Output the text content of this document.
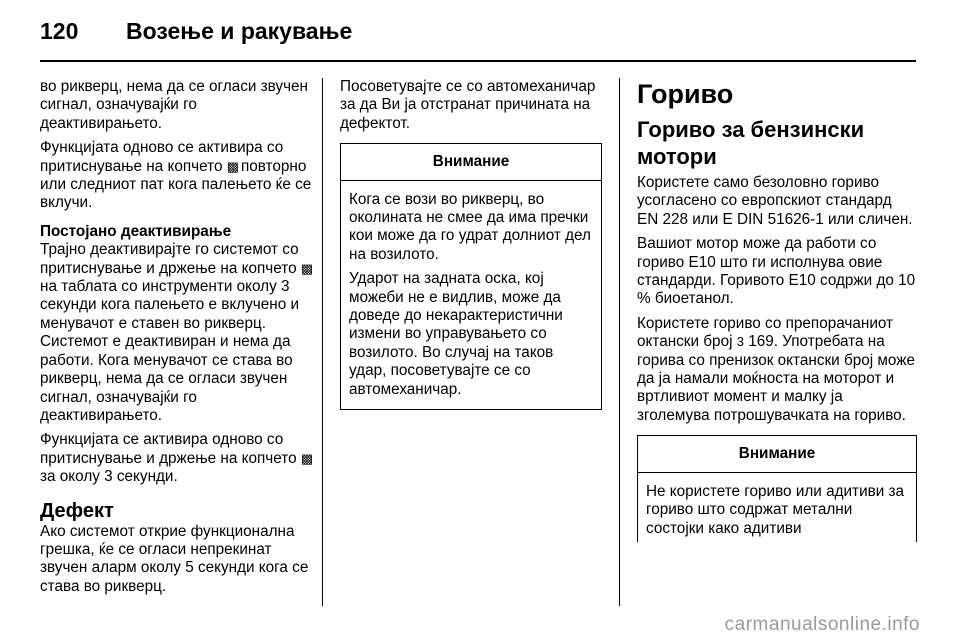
120	Возење и ракување

во рикверц, нема да се огласи звучен сигнал, означувајќи го деактивирањето.

Функцијата одново се активира со притиснување на копчето ▩ повторно или следниот пат кога палењето ќе се вклучи.

Постојано деактивирање

Трајно деактивирајте го системот со притиснување и држење на копчето ▩ на таблата со инструменти околу 3 секунди кога палењето е вклучено и менувачот е ставен во рикверц. Системот е деактивиран и нема да работи. Кога менувачот се става во рикверц, нема да се огласи звучен сигнал, означувајќи го деактивирањето.

Функцијата се активира одново со притиснување и држење на копчето ▩ за околу 3 секунди.

Дефект

Ако системот открие функционална грешка, ќе се огласи непрекинат звучен аларм околу 5 секунди кога се става во рикверц.

Посоветувајте се со автомеханичар за да Ви ја отстранат причината на дефектот.

Внимание

Кога се вози во рикверц, во околината не смее да има пречки кои може да го удрат долниот дел на возилото.

Ударот на задната оска, кој можеби не е видлив, може да доведе до некарактеристични измени во управувањето со возилото. Во случај на таков удар, посоветувајте се со автомеханичар.

Гориво

Гориво за бензински мотори

Користете само безоловно гориво усогласено со европскиот стандард EN 228 или E DIN 51626-1 или сличен.

Вашиот мотор може да работи со гориво E10 што ги исполнува овие стандарди. Горивото E10 содржи до 10 % биоетанол.

Користете гориво со препорачаниот октански број 3 169. Употребата на горива со пренизок октански број може да ја намали моќноста на моторот и вртливиот момент и малку ја зголемува потрошувачката на гориво.

Внимание

Не користете гориво или адитиви за гориво што содржат метални состојки како адитиви

carmanualsonline.info
